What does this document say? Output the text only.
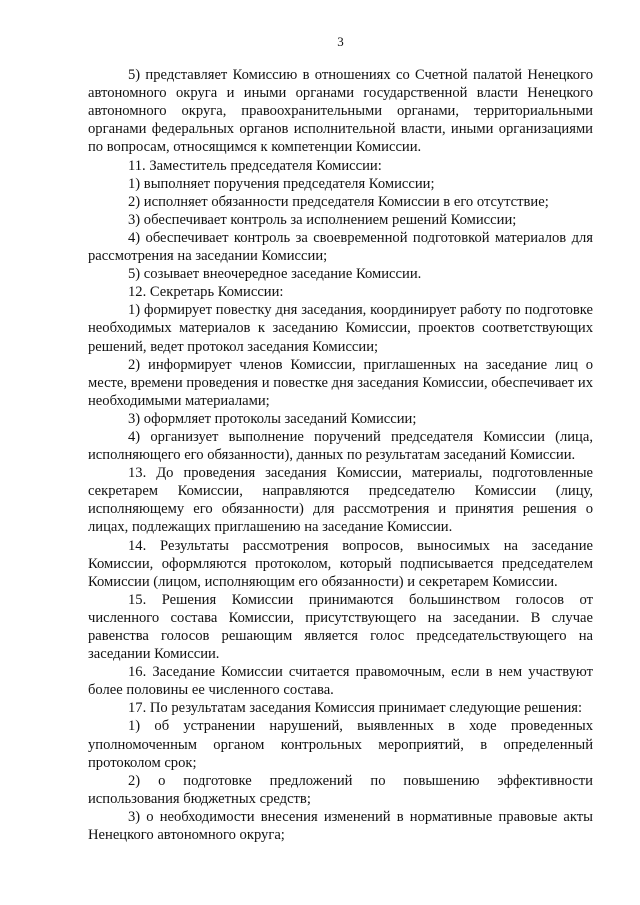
3

5) представляет Комиссию в отношениях со Счетной палатой Ненецкого автономного округа и иными органами государственной власти Ненецкого автономного округа, правоохранительными органами, территориальными органами федеральных органов исполнительной власти, иными организациями по вопросам, относящимся к компетенции Комиссии.

11. Заместитель председателя Комиссии:

1) выполняет поручения председателя Комиссии;

2) исполняет обязанности председателя Комиссии в его отсутствие;

3) обеспечивает контроль за исполнением решений Комиссии;

4) обеспечивает контроль за своевременной подготовкой материалов для рассмотрения на заседании Комиссии;

5) созывает внеочередное заседание Комиссии.

12. Секретарь Комиссии:

1) формирует повестку дня заседания, координирует работу по подготовке необходимых материалов к заседанию Комиссии, проектов соответствующих решений, ведет протокол заседания Комиссии;

2) информирует членов Комиссии, приглашенных на заседание лиц о месте, времени проведения и повестке дня заседания Комиссии, обеспечивает их необходимыми материалами;

3) оформляет протоколы заседаний Комиссии;

4) организует выполнение поручений председателя Комиссии (лица, исполняющего его обязанности), данных по результатам заседаний Комиссии.

13. До проведения заседания Комиссии, материалы, подготовленные секретарем Комиссии, направляются председателю Комиссии (лицу, исполняющему его обязанности) для рассмотрения и принятия решения о лицах, подлежащих приглашению на заседание Комиссии.

14. Результаты рассмотрения вопросов, выносимых на заседание Комиссии, оформляются протоколом, который подписывается председателем Комиссии (лицом, исполняющим его обязанности) и секретарем Комиссии.

15. Решения Комиссии принимаются большинством голосов от численного состава Комиссии, присутствующего на заседании. В случае равенства голосов решающим является голос председательствующего на заседании Комиссии.

16. Заседание Комиссии считается правомочным, если в нем участвуют более половины ее численного состава.

17. По результатам заседания Комиссия принимает следующие решения:

1) об устранении нарушений, выявленных в ходе проведенных уполномоченным органом контрольных мероприятий, в определенный протоколом срок;

2) о подготовке предложений по повышению эффективности использования бюджетных средств;

3) о необходимости внесения изменений в нормативные правовые акты Ненецкого автономного округа;
